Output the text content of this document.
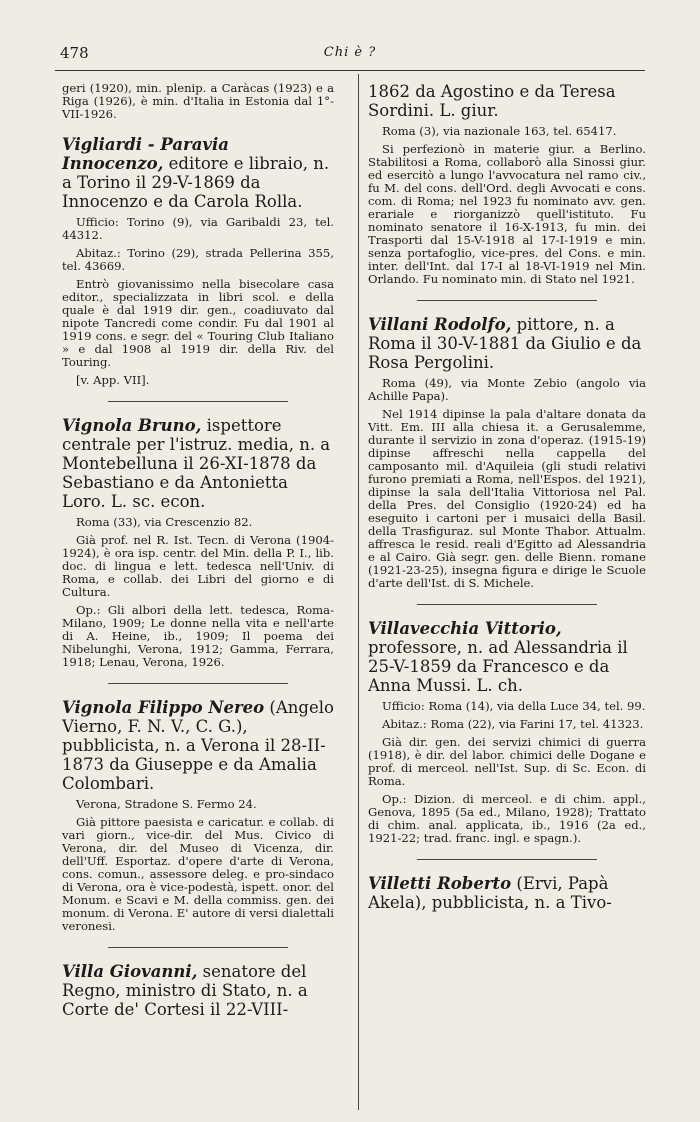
478	Chi è ?

geri (1920), min. plenip. a Caràcas (1923) e a Riga (1926), è min. d'Italia in Estonia dal 1°-VII-1926.

Vigliardi - Paravia Innocenzo, editore e libraio, n. a Torino il 29-V-1869 da Innocenzo e da Carola Rolla.

Ufficio: Torino (9), via Garibaldi 23, tel. 44312.

Abitaz.: Torino (29), strada Pellerina 355, tel. 43669.

Entrò giovanissimo nella bisecolare casa editor., specializzata in libri scol. e della quale è dal 1919 dir. gen., coadiuvato dal nipote Tancredi come condir. Fu dal 1901 al 1919 cons. e segr. del « Touring Club Italiano » e dal 1908 al 1919 dir. della Riv. del Touring.

[v. App. VII].

Vignola Bruno, ispettore centrale per l'istruz. media, n. a Montebelluna il 26-XI-1878 da Sebastiano e da Antonietta Loro. L. sc. econ.

Roma (33), via Crescenzio 82.

Già prof. nel R. Ist. Tecn. di Verona (1904-1924), è ora isp. centr. del Min. della P. I., lib. doc. di lingua e lett. tedesca nell'Univ. di Roma, e collab. dei Libri del giorno e di Cultura.

Op.: Gli albori della lett. tedesca, Roma-Milano, 1909; Le donne nella vita e nell'arte di A. Heine, ib., 1909; Il poema dei Nibelunghi, Verona, 1912; Gamma, Ferrara, 1918; Lenau, Verona, 1926.

Vignola Filippo Nereo (Angelo Vierno, F. N. V., C. G.), pubblicista, n. a Verona il 28-II-1873 da Giuseppe e da Amalia Colombari.

Verona, Stradone S. Fermo 24.

Già pittore paesista e caricatur. e collab. di vari giorn., vice-dir. del Mus. Civico di Verona, dir. del Museo di Vicenza, dir. dell'Uff. Esportaz. d'opere d'arte di Verona, cons. comun., assessore deleg. e pro-sindaco di Verona, ora è vice-podestà, ispett. onor. del Monum. e Scavi e M. della commiss. gen. dei monum. di Verona. E' autore di versi dialettali veronesi.

Villa Giovanni, senatore del Regno, ministro di Stato, n. a Corte de' Cortesi il 22-VIII-

1862 da Agostino e da Teresa Sordini. L. giur.

Roma (3), via nazionale 163, tel. 65417.

Si perfezionò in materie giur. a Berlino. Stabilitosi a Roma, collaborò alla Sinossi giur. ed esercitò a lungo l'avvocatura nel ramo civ., fu M. del cons. dell'Ord. degli Avvocati e cons. com. di Roma; nel 1923 fu nominato avv. gen. erariale e riorganizzò quell'istituto. Fu nominato senatore il 16-X-1913, fu min. dei Trasporti dal 15-V-1918 al 17-I-1919 e min. senza portafoglio, vice-pres. del Cons. e min. inter. dell'Int. dal 17-I al 18-VI-1919 nel Min. Orlando. Fu nominato min. di Stato nel 1921.

Villani Rodolfo, pittore, n. a Roma il 30-V-1881 da Giulio e da Rosa Pergolini.

Roma (49), via Monte Zebio (angolo via Achille Papa).

Nel 1914 dipinse la pala d'altare donata da Vitt. Em. III alla chiesa it. a Gerusalemme, durante il servizio in zona d'operaz. (1915-19) dipinse affreschi nella cappella del camposanto mil. d'Aquileia (gli studi relativi furono premiati a Roma, nell'Espos. del 1921), dipinse la sala dell'Italia Vittoriosa nel Pal. della Pres. del Consiglio (1920-24) ed ha eseguito i cartoni per i musaici della Basil. della Trasfiguraz. sul Monte Thabor. Attualm. affresca le resid. reali d'Egitto ad Alessandria e al Cairo. Già segr. gen. delle Bienn. romane (1921-23-25), insegna figura e dirige le Scuole d'arte dell'Ist. di S. Michele.

Villavecchia Vittorio, professore, n. ad Alessandria il 25-V-1859 da Francesco e da Anna Mussi. L. ch.

Ufficio: Roma (14), via della Luce 34, tel. 99.

Abitaz.: Roma (22), via Farini 17, tel. 41323.

Già dir. gen. dei servizi chimici di guerra (1918), è dir. del labor. chimici delle Dogane e prof. di merceol. nell'Ist. Sup. di Sc. Econ. di Roma.

Op.: Dizion. di merceol. e di chim. appl., Genova, 1895 (5a ed., Milano, 1928); Trattato di chim. anal. applicata, ib., 1916 (2a ed., 1921-22; trad. franc. ingl. e spagn.).

Villetti Roberto (Ervi, Papà Akela), pubblicista, n. a Tivo-
